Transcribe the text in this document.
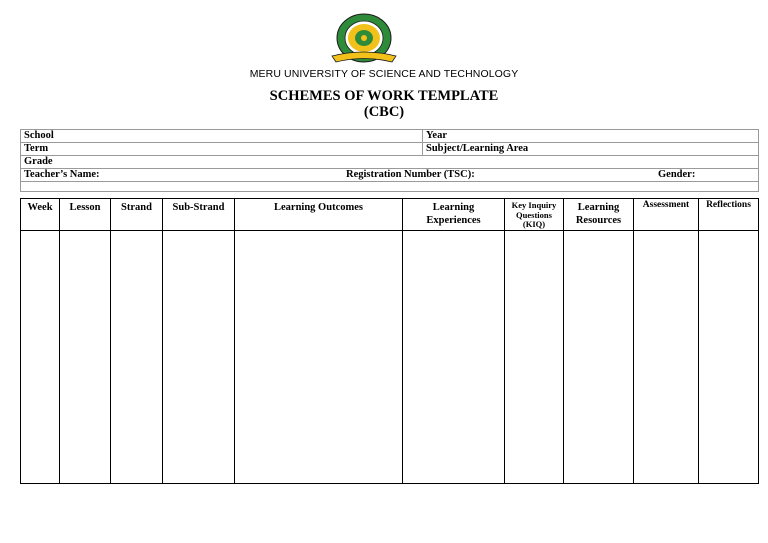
MERU UNIVERSITY OF SCIENCE AND TECHNOLOGY
SCHEMES OF WORK TEMPLATE
(CBC)
School	Year
Term	Subject/Learning Area
Grade	

Teacher’s Name: Registration Number (TSC): Gender:	

Week	Lesson	Strand	Sub-Strand	Learning Outcomes	Learning Experiences	Key Inquiry Questions (KIQ)	Learning Resources	Assessment	Reflections
